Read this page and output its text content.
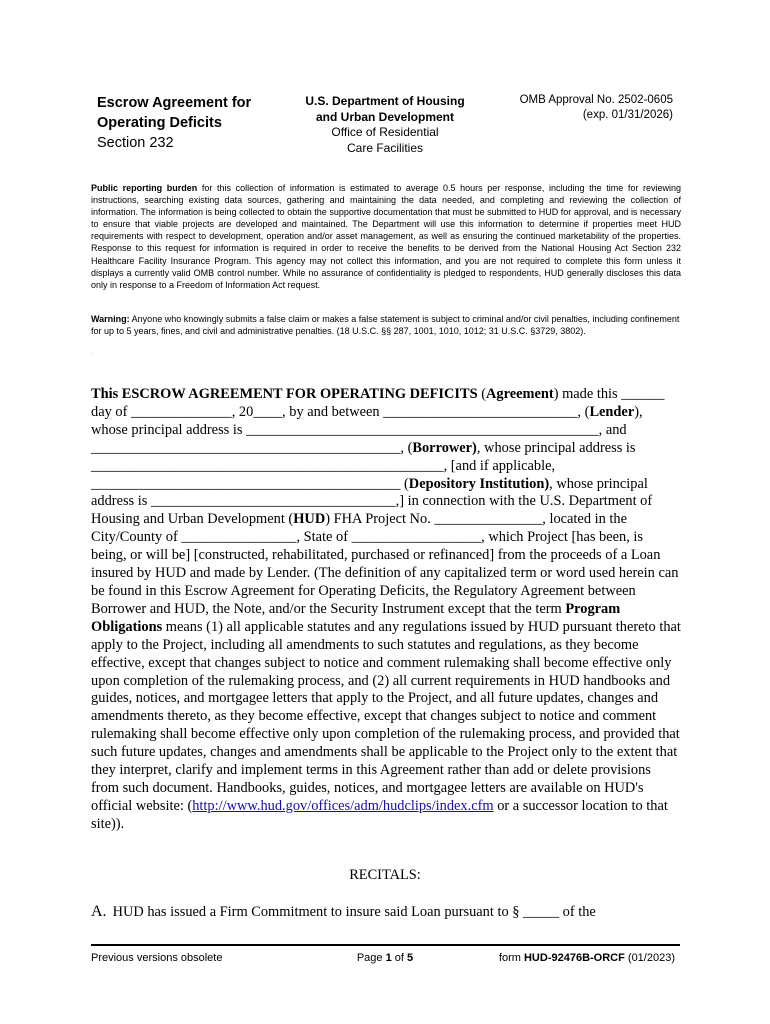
Escrow Agreement for
Operating Deficits
Section 232
U.S. Department of Housing
and Urban Development
Office of Residential
Care Facilities
OMB Approval No. 2502-0605
(exp. 01/31/2026)
Public reporting burden for this collection of information is estimated to average 0.5 hours per response, including the time for reviewing instructions, searching existing data sources, gathering and maintaining the data needed, and completing and reviewing the collection of information. The information is being collected to obtain the supportive documentation that must be submitted to HUD for approval, and is necessary to ensure that viable projects are developed and maintained. The Department will use this information to determine if properties meet HUD requirements with respect to development, operation and/or asset management, as well as ensuring the continued marketability of the properties. Response to this request for information is required in order to receive the benefits to be derived from the National Housing Act Section 232 Healthcare Facility Insurance Program. This agency may not collect this information, and you are not required to complete this form unless it displays a currently valid OMB control number. While no assurance of confidentiality is pledged to respondents, HUD generally discloses this data only in response to a Freedom of Information Act request.
Warning: Anyone who knowingly submits a false claim or makes a false statement is subject to criminal and/or civil penalties, including confinement for up to 5 years, fines, and civil and administrative penalties. (18 U.S.C. §§ 287, 1001, 1010, 1012; 31 U.S.C. §3729, 3802).
.

This ESCROW AGREEMENT FOR OPERATING DEFICITS (Agreement) made this ______ day of ______________, 20____, by and between ___________________________, (Lender), whose principal address is _________________________________________________, and ___________________________________________, (Borrower), whose principal address is _________________________________________________, [and if applicable, ___________________________________________ (Depository Institution), whose principal address is __________________________________,] in connection with the U.S. Department of Housing and Urban Development (HUD) FHA Project No. _______________, located in the City/County of ________________, State of __________________, which Project [has been, is being, or will be] [constructed, rehabilitated, purchased or refinanced] from the proceeds of a Loan insured by HUD and made by Lender. (The definition of any capitalized term or word used herein can be found in this Escrow Agreement for Operating Deficits, the Regulatory Agreement between Borrower and HUD, the Note, and/or the Security Instrument except that the term Program Obligations means (1) all applicable statutes and any regulations issued by HUD pursuant thereto that apply to the Project, including all amendments to such statutes and regulations, as they become effective, except that changes subject to notice and comment rulemaking shall become effective only upon completion of the rulemaking process, and (2) all current requirements in HUD handbooks and guides, notices, and mortgagee letters that apply to the Project, and all future updates, changes and amendments thereto, as they become effective, except that changes subject to notice and comment rulemaking shall become effective only upon completion of the rulemaking process, and provided that such future updates, changes and amendments shall be applicable to the Project only to the extent that they interpret, clarify and implement terms in this Agreement rather than add or delete provisions from such document. Handbooks, guides, notices, and mortgagee letters are available on HUD's official website: (http://www.hud.gov/offices/adm/hudclips/index.cfm or a successor location to that site)).

RECITALS:
A. HUD has issued a Firm Commitment to insure said Loan pursuant to § _____ of the
Previous versions obsolete	Page 1 of 5	form HUD-92476B-ORCF (01/2023)
